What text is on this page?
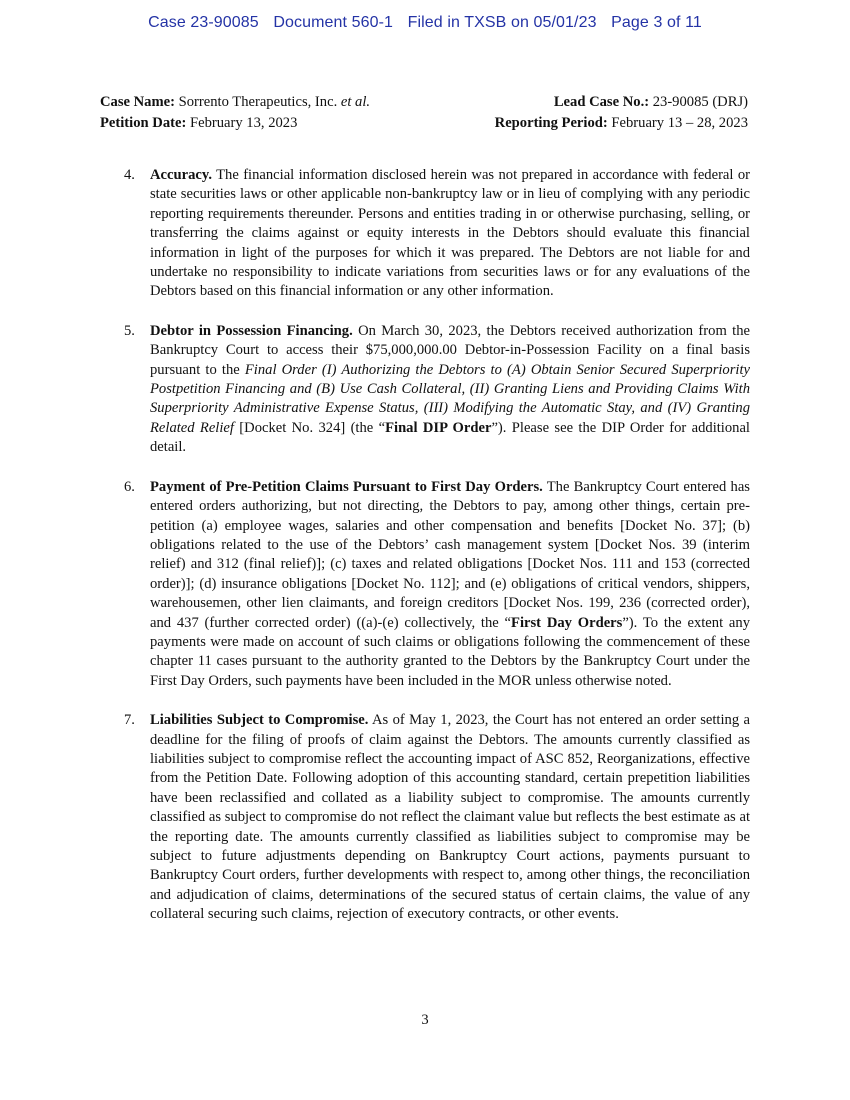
Case 23-90085 Document 560-1 Filed in TXSB on 05/01/23 Page 3 of 11
Case Name: Sorrento Therapeutics, Inc. et al.
Petition Date: February 13, 2023
Lead Case No.: 23-90085 (DRJ)
Reporting Period: February 13 – 28, 2023
4.	Accuracy. The financial information disclosed herein was not prepared in accordance with federal or state securities laws or other applicable non-bankruptcy law or in lieu of complying with any periodic reporting requirements thereunder. Persons and entities trading in or otherwise purchasing, selling, or transferring the claims against or equity interests in the Debtors should evaluate this financial information in light of the purposes for which it was prepared. The Debtors are not liable for and undertake no responsibility to indicate variations from securities laws or for any evaluations of the Debtors based on this financial information or any other information.
5.	Debtor in Possession Financing. On March 30, 2023, the Debtors received authorization from the Bankruptcy Court to access their $75,000,000.00 Debtor-in-Possession Facility on a final basis pursuant to the Final Order (I) Authorizing the Debtors to (A) Obtain Senior Secured Superpriority Postpetition Financing and (B) Use Cash Collateral, (II) Granting Liens and Providing Claims With Superpriority Administrative Expense Status, (III) Modifying the Automatic Stay, and (IV) Granting Related Relief [Docket No. 324] (the “Final DIP Order”). Please see the DIP Order for additional detail.
6.	Payment of Pre-Petition Claims Pursuant to First Day Orders. The Bankruptcy Court entered has entered orders authorizing, but not directing, the Debtors to pay, among other things, certain pre-petition (a) employee wages, salaries and other compensation and benefits [Docket No. 37]; (b) obligations related to the use of the Debtors’ cash management system [Docket Nos. 39 (interim relief) and 312 (final relief)]; (c) taxes and related obligations [Docket Nos. 111 and 153 (corrected order)]; (d) insurance obligations [Docket No. 112]; and (e) obligations of critical vendors, shippers, warehousemen, other lien claimants, and foreign creditors [Docket Nos. 199, 236 (corrected order), and 437 (further corrected order) ((a)-(e) collectively, the “First Day Orders”). To the extent any payments were made on account of such claims or obligations following the commencement of these chapter 11 cases pursuant to the authority granted to the Debtors by the Bankruptcy Court under the First Day Orders, such payments have been included in the MOR unless otherwise noted.
7.	Liabilities Subject to Compromise. As of May 1, 2023, the Court has not entered an order setting a deadline for the filing of proofs of claim against the Debtors. The amounts currently classified as liabilities subject to compromise reflect the accounting impact of ASC 852, Reorganizations, effective from the Petition Date. Following adoption of this accounting standard, certain prepetition liabilities have been reclassified and collated as a liability subject to compromise. The amounts currently classified as subject to compromise do not reflect the claimant value but reflects the best estimate as at the reporting date. The amounts currently classified as liabilities subject to compromise may be subject to future adjustments depending on Bankruptcy Court actions, payments pursuant to Bankruptcy Court orders, further developments with respect to, among other things, the reconciliation and adjudication of claims, determinations of the secured status of certain claims, the value of any collateral securing such claims, rejection of executory contracts, or other events.
3
